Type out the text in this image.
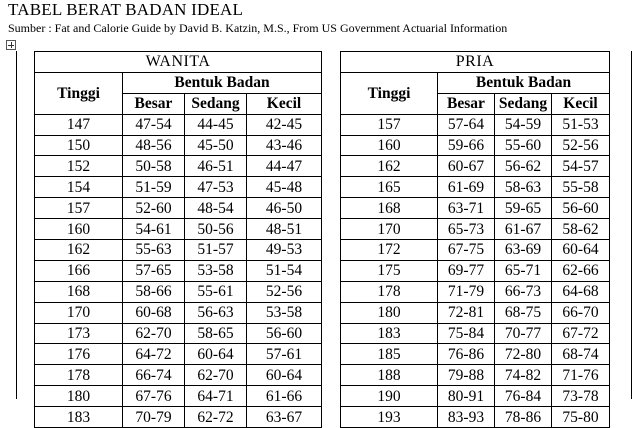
TABEL BERAT BADAN IDEAL
Sumber : Fat and Calorie Guide by David B. Katzin, M.S., From US Government Actuarial Information
WANITA			
Tinggi	Bentuk Badan		
	Besar	Sedang	Kecil
147	47-54	44-45	42-45
150	48-56	45-50	43-46
152	50-58	46-51	44-47
154	51-59	47-53	45-48
157	52-60	48-54	46-50
160	54-61	50-56	48-51
162	55-63	51-57	49-53
166	57-65	53-58	51-54
168	58-66	55-61	52-56
170	60-68	56-63	53-58
173	62-70	58-65	56-60
176	64-72	60-64	57-61
178	66-74	62-70	60-64
180	67-76	64-71	61-66
183	70-79	62-72	63-67
PRIA			
Tinggi	Bentuk Badan		
	Besar	Sedang	Kecil
157	57-64	54-59	51-53
160	59-66	55-60	52-56
162	60-67	56-62	54-57
165	61-69	58-63	55-58
168	63-71	59-65	56-60
170	65-73	61-67	58-62
172	67-75	63-69	60-64
175	69-77	65-71	62-66
178	71-79	66-73	64-68
180	72-81	68-75	66-70
183	75-84	70-77	67-72
185	76-86	72-80	68-74
188	79-88	74-82	71-76
190	80-91	76-84	73-78
193	83-93	78-86	75-80
